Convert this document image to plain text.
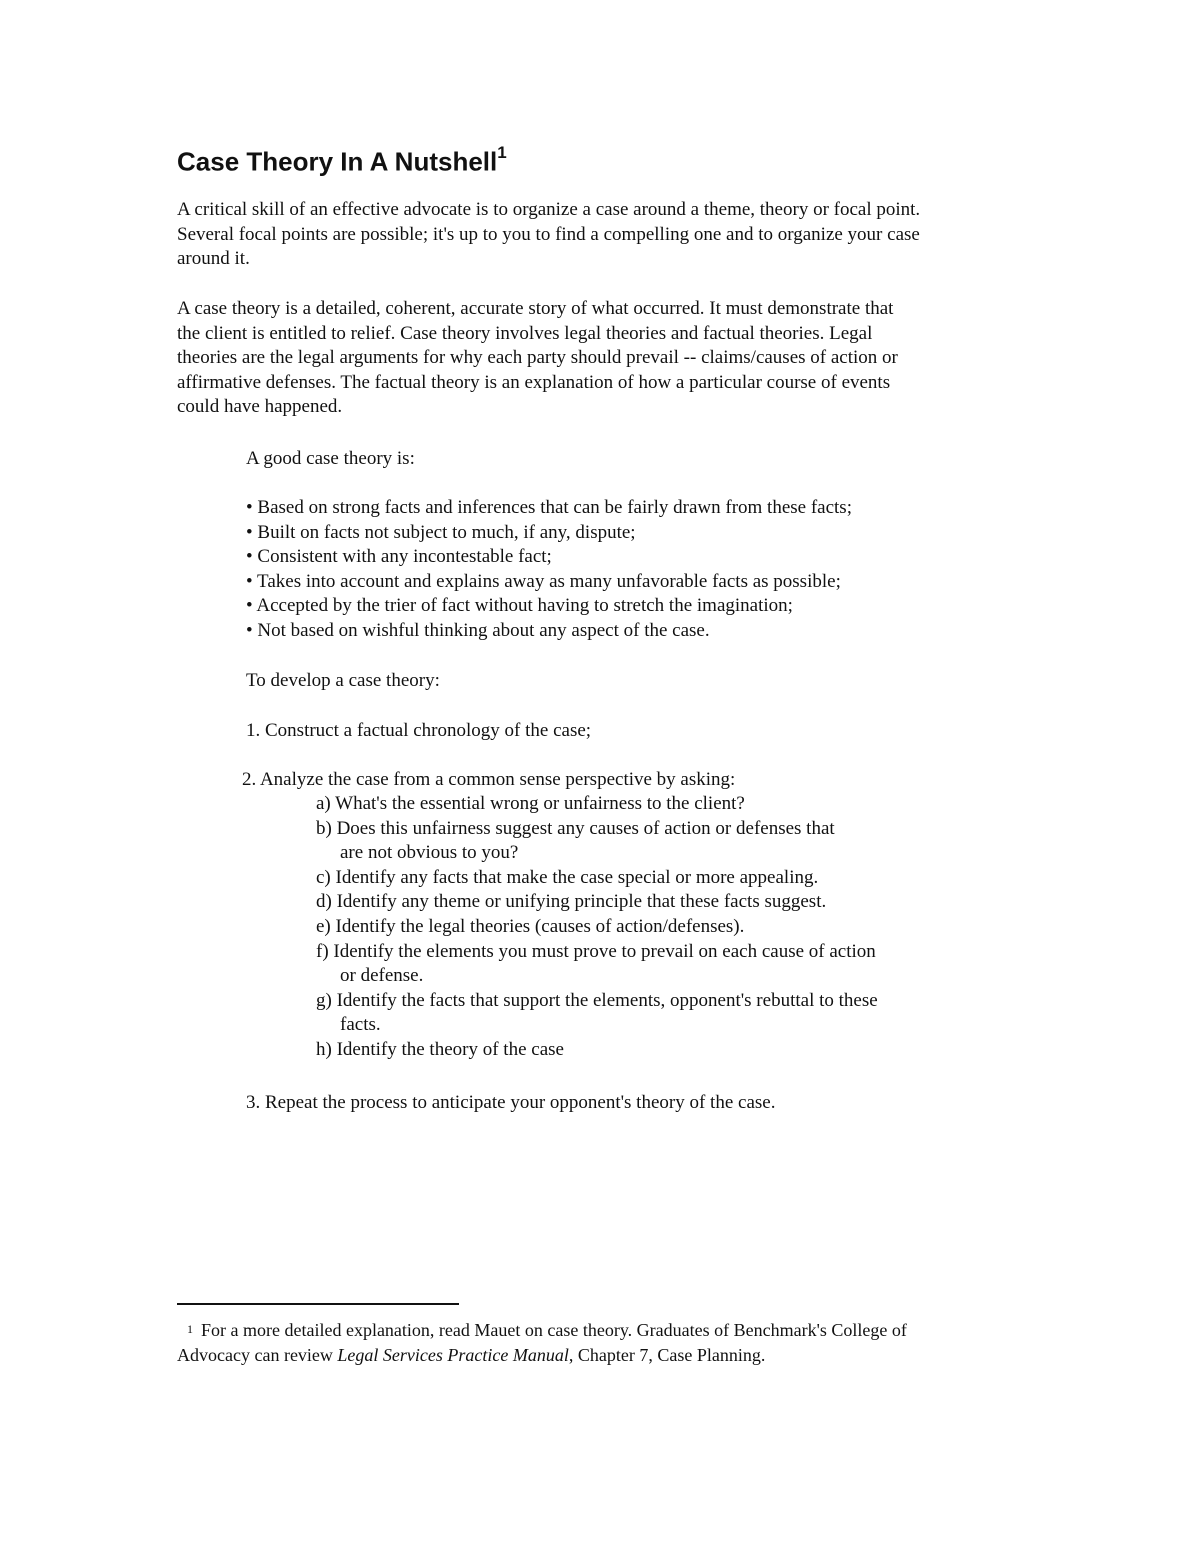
Case Theory In A Nutshell$^1$

A critical skill of an effective advocate is to organize a case around a theme, theory or focal point.
Several focal points are possible; it's up to you to find a compelling one and to organize your case
around it.

A case theory is a detailed, coherent, accurate story of what occurred. It must demonstrate that
the client is entitled to relief. Case theory involves legal theories and factual theories. Legal
theories are the legal arguments for why each party should prevail -- claims/causes of action or
affirmative defenses. The factual theory is an explanation of how a particular course of events
could have happened.

A good case theory is:

• Based on strong facts and inferences that can be fairly drawn from these facts;
• Built on facts not subject to much, if any, dispute;
• Consistent with any incontestable fact;
• Takes into account and explains away as many unfavorable facts as possible;
• Accepted by the trier of fact without having to stretch the imagination;
• Not based on wishful thinking about any aspect of the case.

To develop a case theory:

1. Construct a factual chronology of the case;

2. Analyze the case from a common sense perspective by asking:

a) What's the essential wrong or unfairness to the client?
b) Does this unfairness suggest any causes of action or defenses that
are not obvious to you?
c) Identify any facts that make the case special or more appealing.
d) Identify any theme or unifying principle that these facts suggest.
e) Identify the legal theories (causes of action/defenses).
f) Identify the elements you must prove to prevail on each cause of action
or defense.
g) Identify the facts that support the elements, opponent's rebuttal to these
facts.
h) Identify the theory of the case

3. Repeat the process to anticipate your opponent's theory of the case.

1 For a more detailed explanation, read Mauet on case theory. Graduates of Benchmark's College of
Advocacy can review Legal Services Practice Manual, Chapter 7, Case Planning.
